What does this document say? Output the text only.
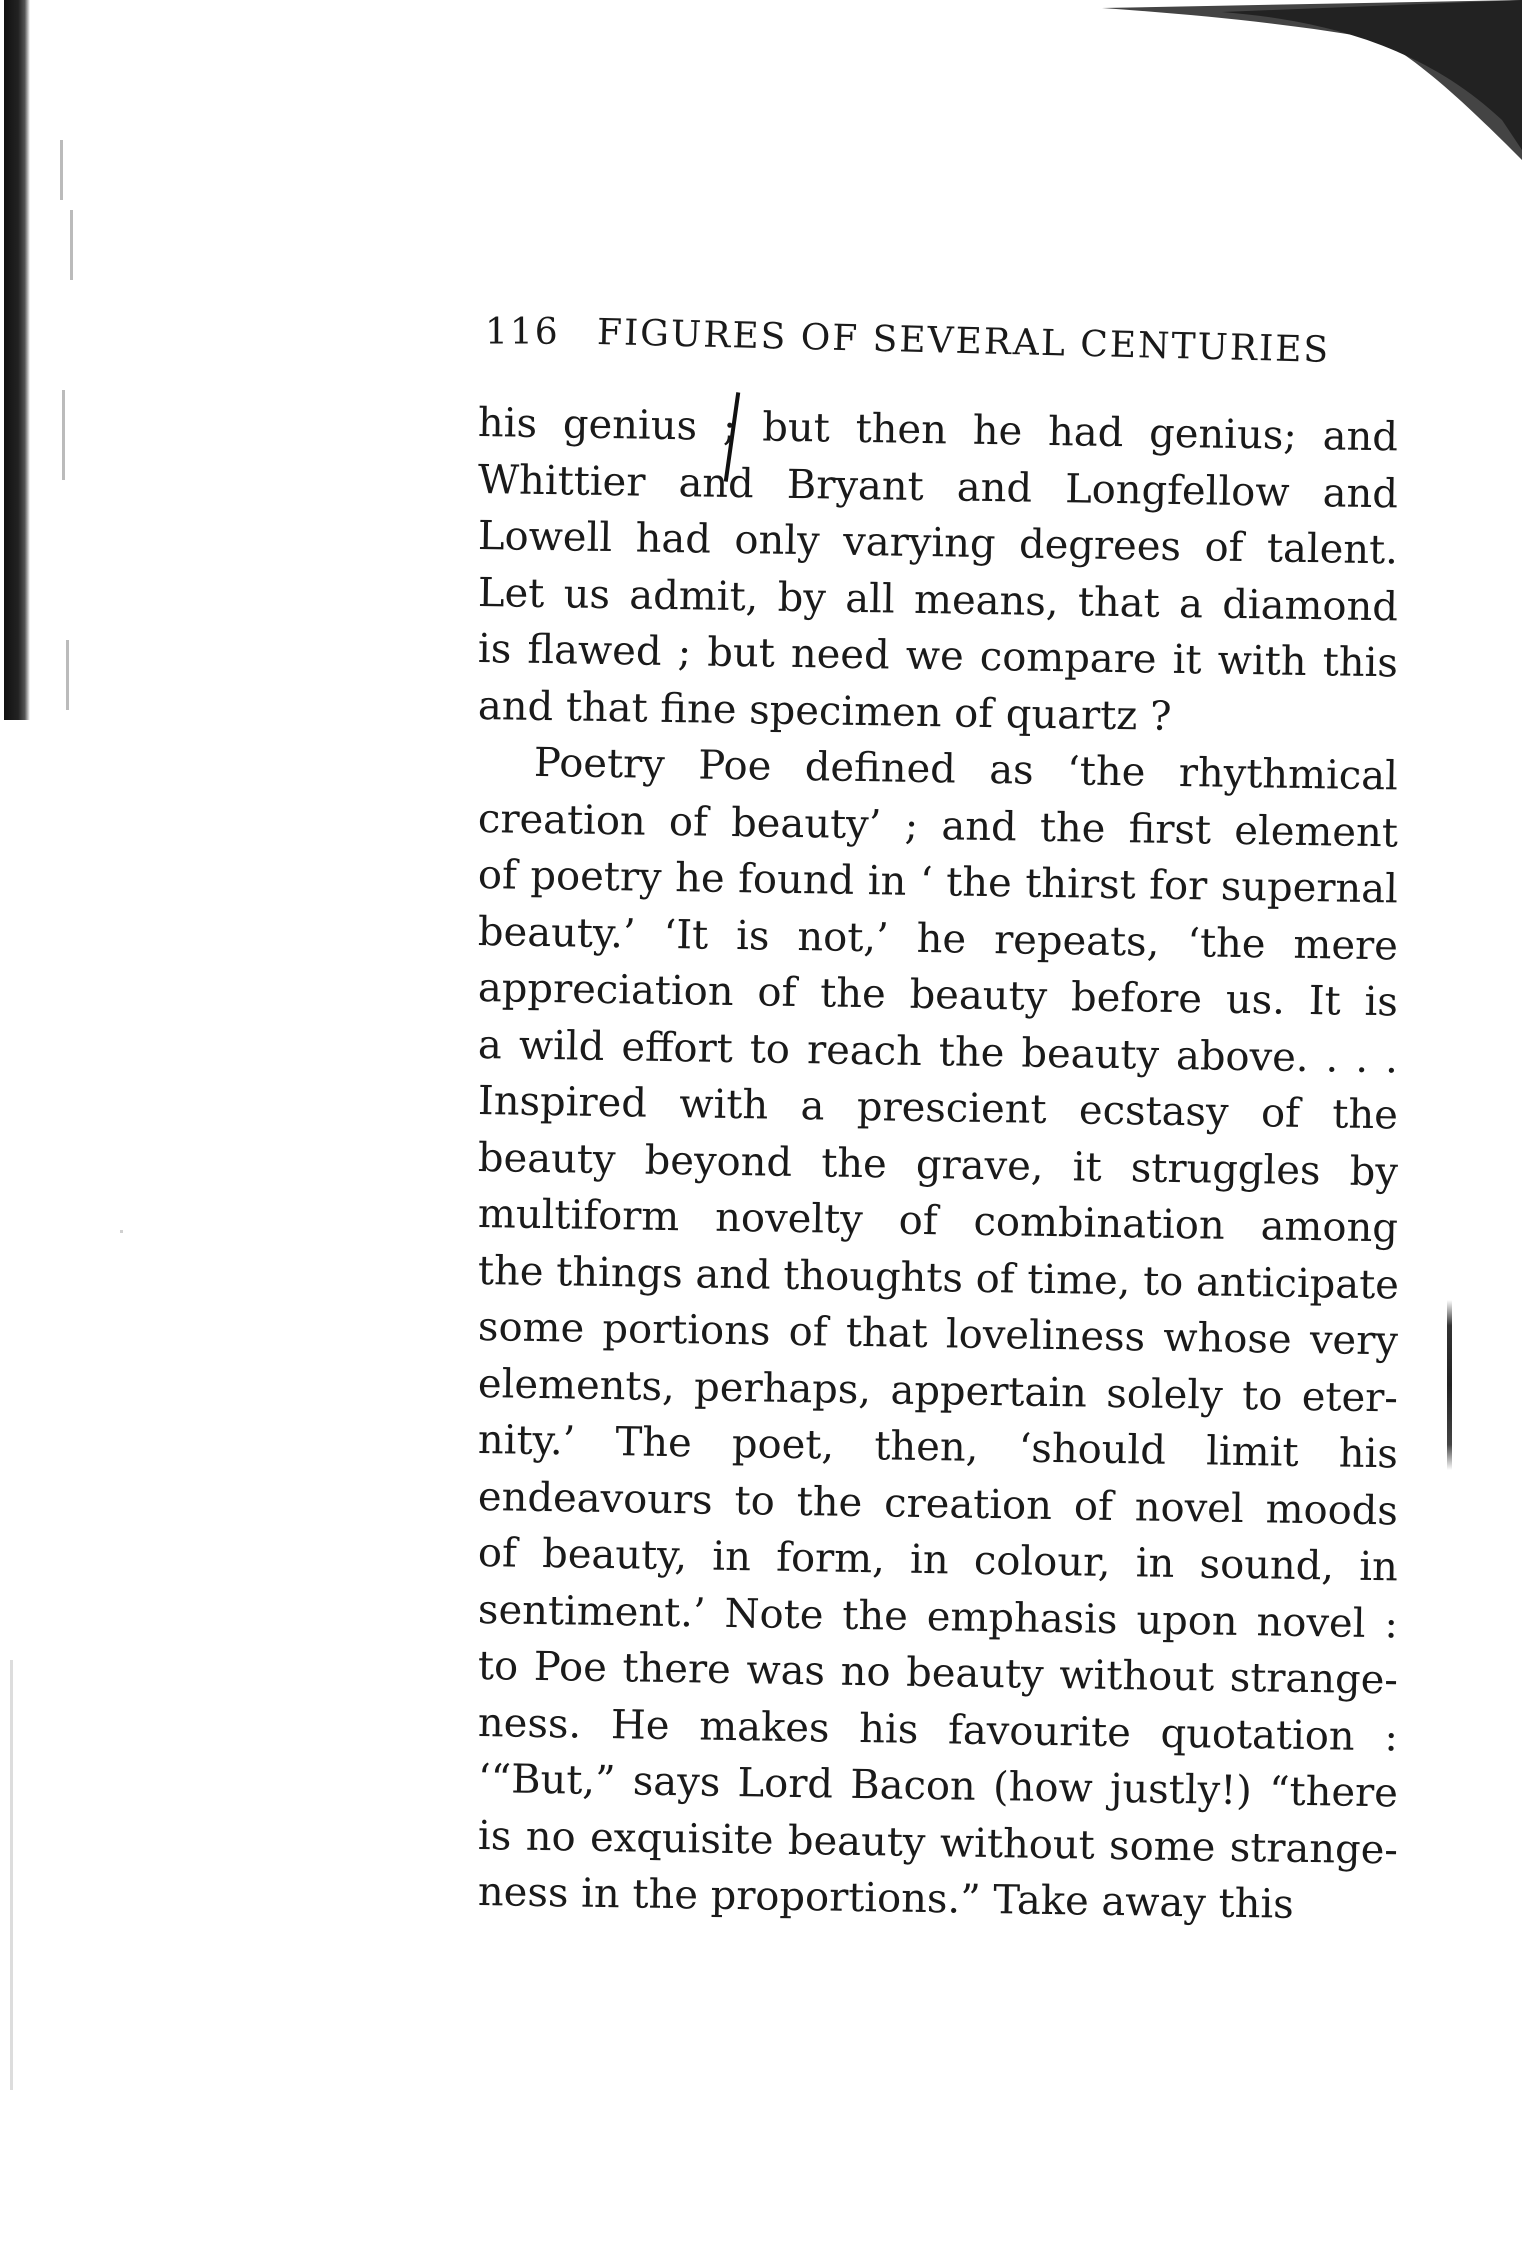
116 FIGURES OF SEVERAL CENTURIES
his genius ; but then he had genius; and
Whittier and Bryant and Longfellow and
Lowell had only varying degrees of talent.
Let us admit, by all means, that a diamond
is flawed ; but need we compare it with this
and that fine specimen of quartz ?
Poetry Poe defined as ‘the rhythmical
creation of beauty’ ; and the first element
of poetry he found in ‘ the thirst for supernal
beauty.’ ‘It is not,’ he repeats, ‘the mere
appreciation of the beauty before us. It is
a wild effort to reach the beauty above. . . .
Inspired with a prescient ecstasy of the
beauty beyond the grave, it struggles by
multiform novelty of combination among
the things and thoughts of time, to anticipate
some portions of that loveliness whose very
elements, perhaps, appertain solely to eter-
nity.’ The poet, then, ‘should limit his
endeavours to the creation of novel moods
of beauty, in form, in colour, in sound, in
sentiment.’ Note the emphasis upon novel :
to Poe there was no beauty without strange-
ness. He makes his favourite quotation :
‘“But,” says Lord Bacon (how justly!) “there
is no exquisite beauty without some strange-
ness in the proportions.” Take away this
